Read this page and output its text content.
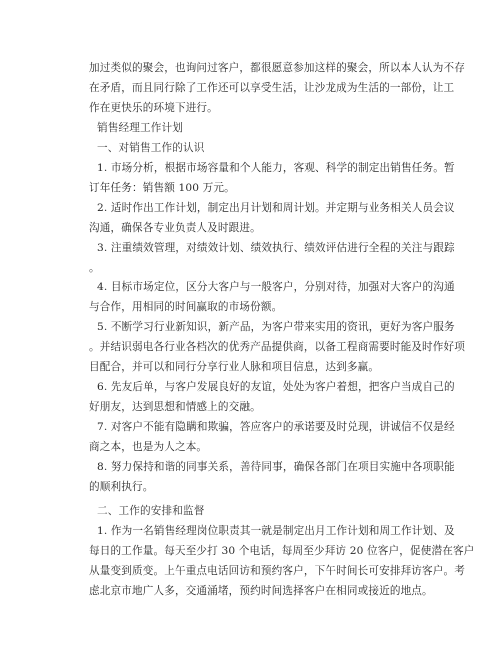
加过类似的聚会，也询问过客户，都很愿意参加这样的聚会，所以本人认为不存
在矛盾，而且同行除了工作还可以享受生活，让沙龙成为生活的一部份，让工
作在更快乐的环境下进行。
销售经理工作计划
一、对销售工作的认识
1. 市场分析，根据市场容量和个人能力，客观、科学的制定出销售任务。暂
订年任务：销售额 100 万元。
2. 适时作出工作计划，制定出月计划和周计划。并定期与业务相关人员会议
沟通，确保各专业负责人及时跟进。
3. 注重绩效管理，对绩效计划、绩效执行、绩效评估进行全程的关注与跟踪
。
4. 目标市场定位，区分大客户与一般客户，分别对待，加强对大客户的沟通
与合作，用相同的时间赢取的市场份额。
5. 不断学习行业新知识，新产品，为客户带来实用的资讯，更好为客户服务
。并结识弱电各行业各档次的优秀产品提供商，以备工程商需要时能及时作好项
目配合，并可以和同行分享行业人脉和项目信息，达到多赢。
6. 先友后单，与客户发展良好的友谊，处处为客户着想，把客户当成自己的
好朋友，达到思想和情感上的交融。
7. 对客户不能有隐瞒和欺骗，答应客户的承诺要及时兑现，讲诚信不仅是经
商之本，也是为人之本。
8. 努力保持和谐的同事关系，善待同事，确保各部门在项目实施中各项职能
的顺利执行。
二、工作的安排和监督
1. 作为一名销售经理岗位职责其一就是制定出月工作计划和周工作计划、及
每日的工作量。每天至少打 30 个电话，每周至少拜访 20 位客户，促使潜在客户
从量变到质变。上午重点电话回访和预约客户，下午时间长可安排拜访客户。考
虑北京市地广人多，交通涌堵，预约时间选择客户在相同或接近的地点。
